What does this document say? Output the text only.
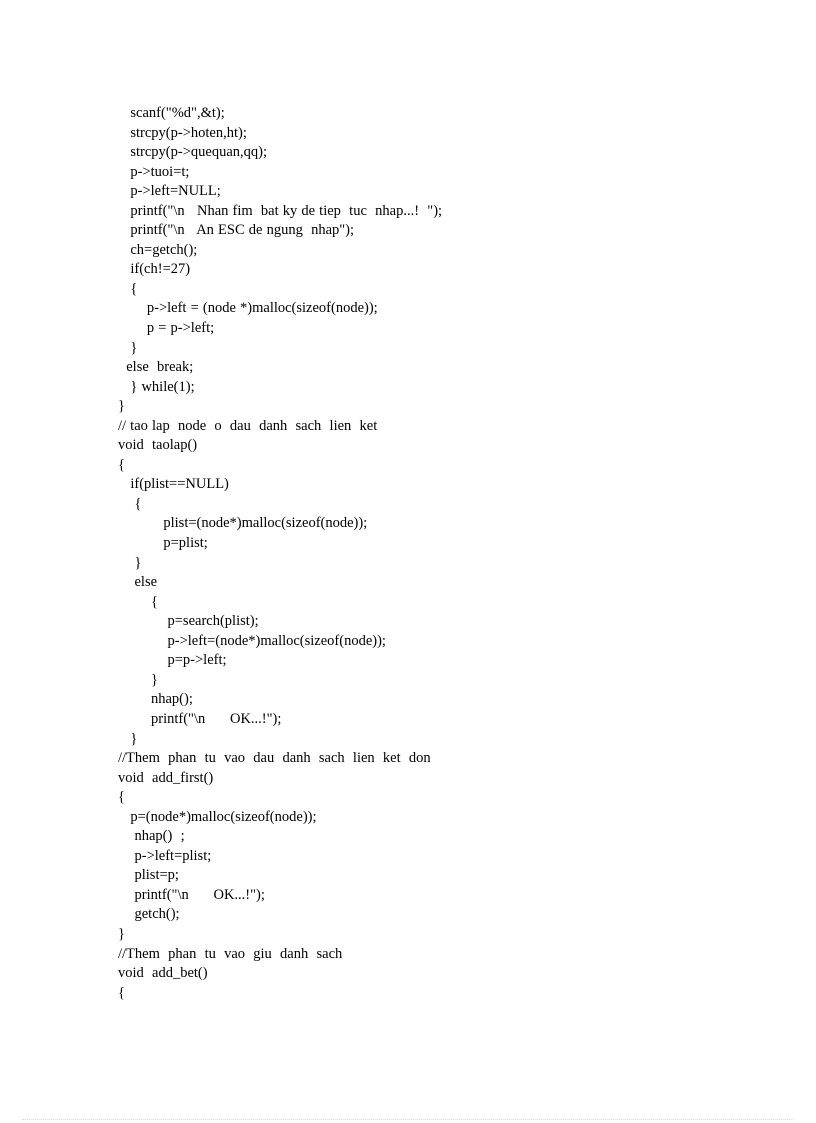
scanf("%d",&t);
strcpy(p->hoten,ht);
strcpy(p->quequan,qq);
p->tuoi=t;
p->left=NULL;
printf("\n   Nhan fim  bat ky de tiep  tuc  nhap...!  ");
printf("\n   An ESC de ngung  nhap");
ch=getch();
if(ch!=27)
{
p->left = (node *)malloc(sizeof(node));
p = p->left;
}
else  break;
} while(1);
}
// tao lap  node  o  dau  danh  sach  lien  ket
void  taolap()
{
if(plist==NULL)
{
plist=(node*)malloc(sizeof(node));
p=plist;
}
else
{
p=search(plist);
p->left=(node*)malloc(sizeof(node));
p=p->left;
}
nhap();
printf("\n      OK...!");
}
//Them  phan  tu  vao  dau  danh  sach  lien  ket  don
void  add_first()
{
p=(node*)malloc(sizeof(node));
nhap()  ;
p->left=plist;
plist=p;
printf("\n      OK...!");
getch();
}
//Them  phan  tu  vao  giu  danh  sach
void  add_bet()
{
